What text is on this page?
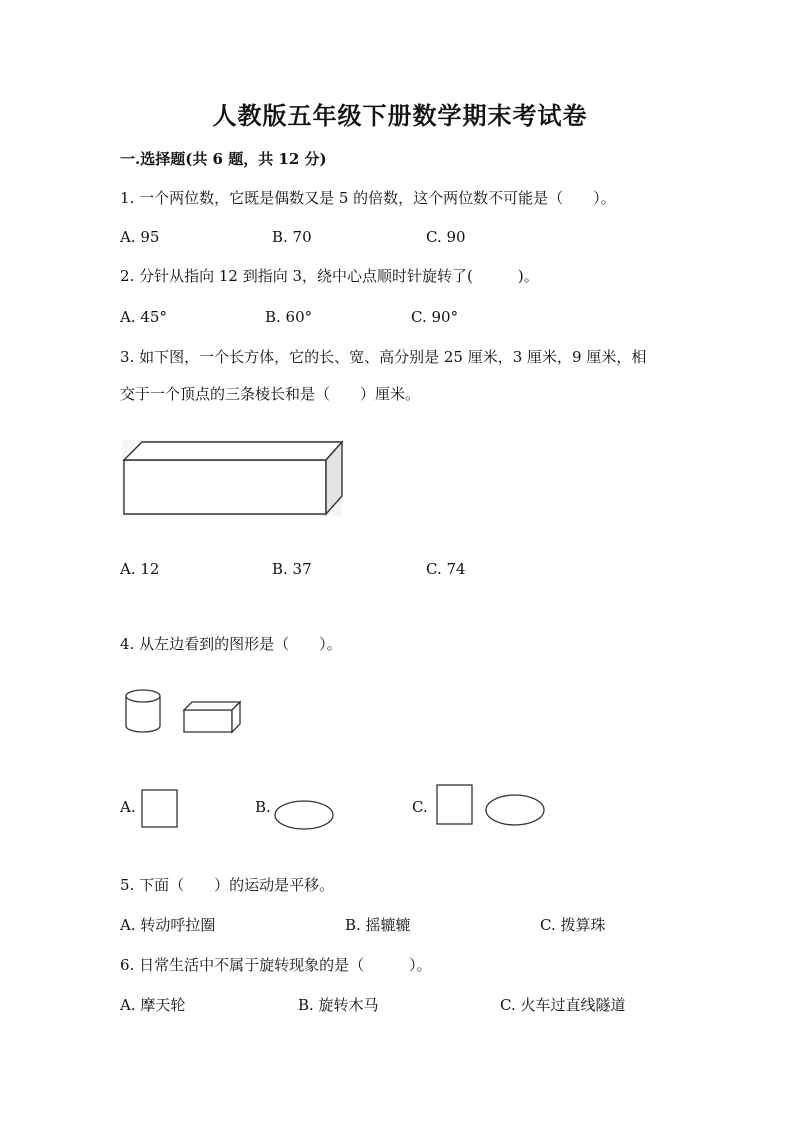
人教版五年级下册数学期末考试卷
一.选择题(共 6 题，共 12 分)
1. 一个两位数，它既是偶数又是 5 的倍数，这个两位数不可能是（　　）。
A. 95	B. 70	C. 90
2. 分针从指向 12 到指向 3，绕中心点顺时针旋转了(　　　)。
A. 45°	B. 60°	C. 90°
3. 如下图，一个长方体，它的长、宽、高分别是 25 厘米，3 厘米，9 厘米，相
交于一个顶点的三条棱长和是（　　）厘米。
A. 12	B. 37	C. 74
4. 从左边看到的图形是（　　）。
A.	B.	C.
5. 下面（　　）的运动是平移。
A. 转动呼拉圈	B. 摇辘辘	C. 拨算珠
6. 日常生活中不属于旋转现象的是（　　　）。
A. 摩天轮	B. 旋转木马	C. 火车过直线隧道
